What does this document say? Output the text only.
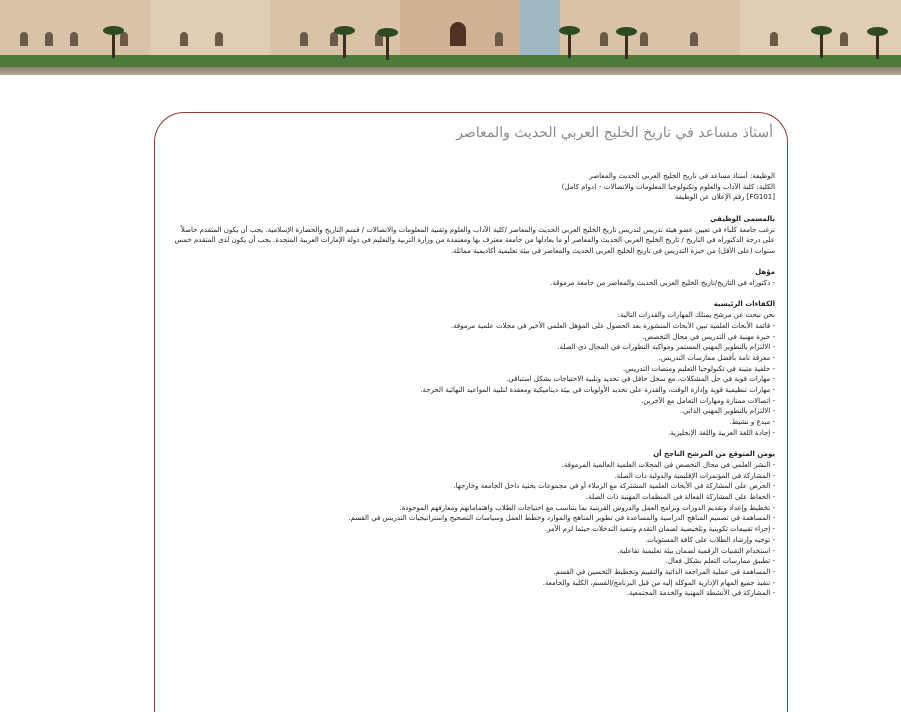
أستاذ مساعد في تاريخ الخليج العربي الحديث والمعاصر

الوظيفة: أستاذ مساعد في تاريخ الخليج العربي الحديث والمعاصر

الكلية: كلية الآداب والعلوم وتكنولوجيا المعلومات والاتصالات - (دوام كامل)

[FG101] رقم الإعلان عن الوظيفة

بالمسمى الوظيفي

ترغب جامعة كلباء في تعيين عضو هيئة تدريس لتدريس تاريخ الخليج العربي الحديث والمعاصر /كلية الآداب والعلوم وتقنية المعلومات والاتصالات / قسم التاريخ والحضارة الإسلامية. يجب أن يكون المتقدم حاصلاً على درجة الدكتوراه في التاريخ / تاريخ الخليج العربي الحديث والمعاصر أو ما يعادلها من جامعة معترف بها ومعتمدة من وزارة التربية والتعليم في دولة الإمارات العربية المتحدة. يجب أن يكون لدى المتقدم خمس سنوات (على الأقل) من خبرة التدريس في تاريخ الخليج العربي الحديث والمعاصر في بيئة تعليمية أكاديمية مماثلة.

مؤهل

- دكتوراه في التاريخ/تاريخ الخليج العربي الحديث والمعاصر من جامعة مرموقة.

الكفاءات الرئيسية

نحن نبحث عن مرشح يمتلك المهارات والقدرات التالية:

- قائمة الأبحاث العلمية تبين الأبحاث المنشورة بعد الحصول على المؤهل العلمي الأخير في مجلات علمية مرموقة.
- خبرة مهنية في التدريس في مجال التخصص.
- الالتزام بالتطوير المهني المستمر ومواكبة التطورات في المجال ذي الصلة.
- معرفة تامة بأفضل ممارسات التدريس.
- خلفية متينة في تكنولوجيا التعليم ومنصات التدريس.
- مهارات قوية في حل المشكلات، مع سجل حافل في تحديد وتلبية الاحتياجات بشكل استباقي.
- مهارات تنظيمية قوية وإدارة الوقت، والقدرة على تحديد الأولويات في بيئة ديناميكية ومعقدة لتلبية المواعيد النهائية الحرجة.
- اتصالات ممتازة ومهارات التعامل مع الآخرين.
- الالتزام بالتطوير المهني الذاتي.
- مبدع و نشيط.
- إجادة اللغة العربية واللغة الإنجليزية.

يومن المتوقع من المرشح الناجح أن

- النشر العلمي في مجال التخصص في المجلات العلمية العالمية المرموقة.
- المشاركة في المؤتمرات الإقليمية والدولية ذات الصلة.
- الحرص على المشاركة في الأبحاث العلمية المشتركة مع الزملاء أو في مجموعات بحثية داخل الجامعة وخارجها.
- الحفاظ على المشاركة الفعالة في المنظمات المهنية ذات الصلة.
- تخطيط وإعداد وتقديم الدورات وبرامج العمل والدروس القرينية بما يتناسب مع احتياجات الطلاب واهتماماتهم ومعارفهم الموجودة.
- المساهمة في تصميم المناهج الدراسية والمساعدة في تطوير المناهج والموارد وخطط العمل وسياسات التصحيح واستراتيجيات التدريس في القسم.
- إجراء تقييمات تكوينية وتلخيصية لضمان التقدم وتنفيذ التدخلات حيثما لزم الأمر.
- توجيه وإرشاد الطلاب على كافة المستويات.
- استخدام التقنيات الرقمية لضمان بيئة تعليمية تفاعلية.
- تطبيق ممارسات التعلم بشكل فعال.
- المساهمة في عملية المراجعة الذاتية والتقييم وتخطيط التحسين في القسم.
- تنفيذ جميع المهام الإدارية الموكلة إليه من قبل البرنامج/القسم، الكلية والجامعة.
- المشاركة في الأنشطة المهنية والخدمة المجتمعية.
